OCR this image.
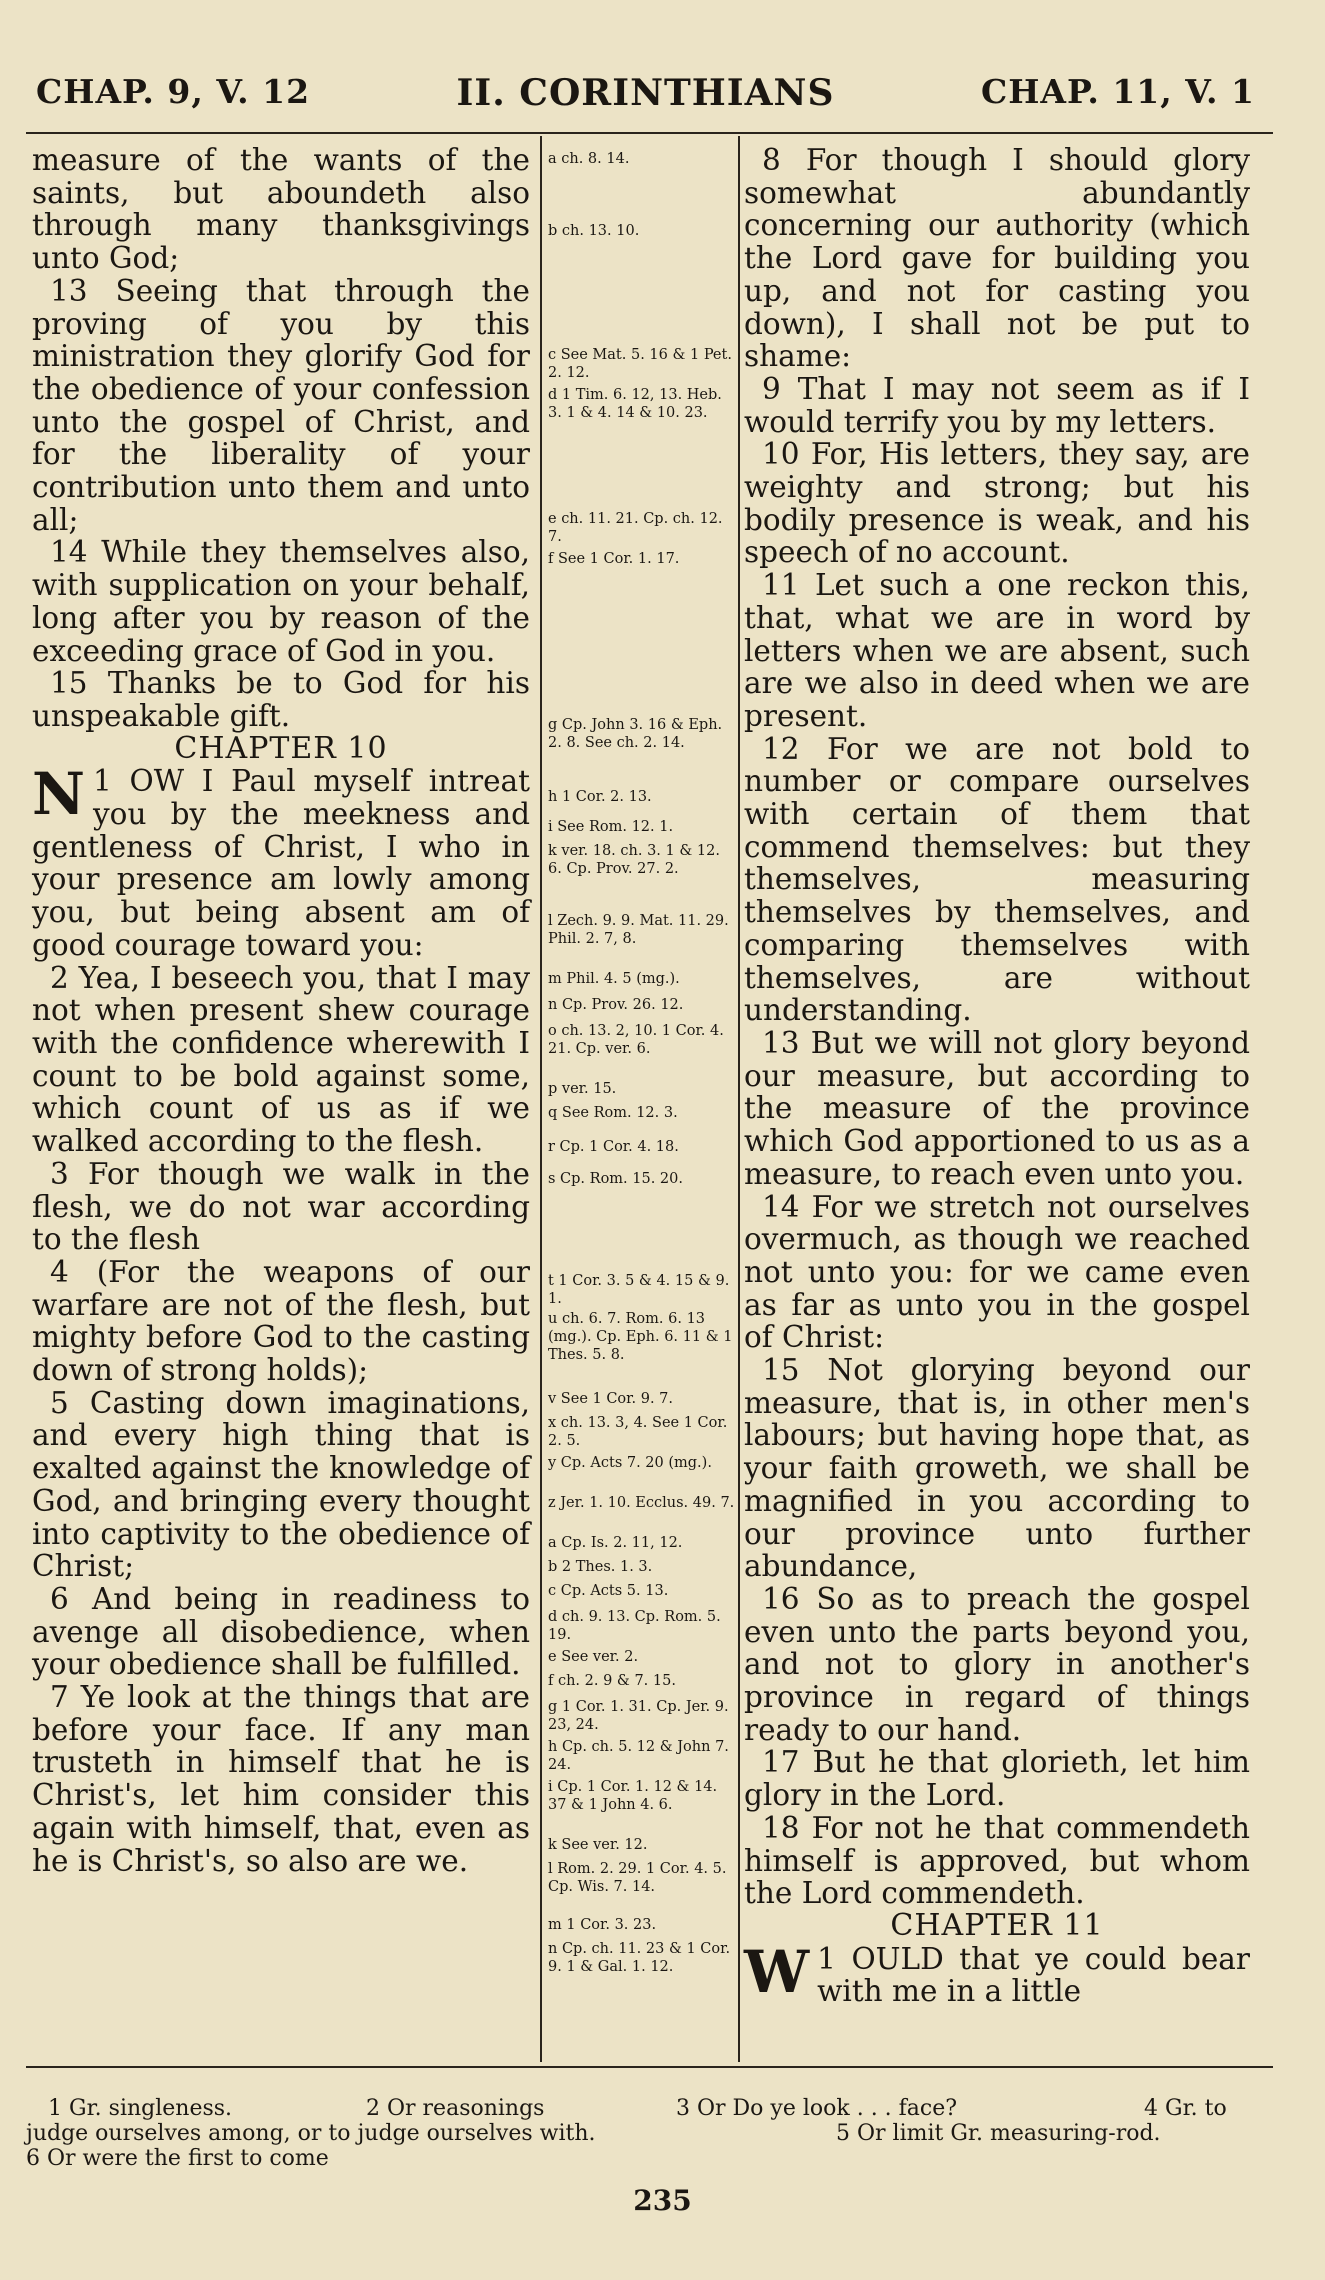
CHAP. 9, V. 12	II. CORINTHIANS	CHAP. 11, V. 1

measure of the wants of the saints, but aboundeth also through many thanksgivings unto God;

13 Seeing that through the proving of you by this ministration they glorify God for the obedience of your confession unto the gospel of Christ, and for the liberality of your contribution unto them and unto all;

14 While they themselves also, with supplication on your behalf, long after you by reason of the exceeding grace of God in you.

15 Thanks be to God for his unspeakable gift.

CHAPTER 10

1
N OW I Paul myself intreat you by the meekness and gentleness of Christ, I who in your presence am lowly among you, but being absent am of good courage toward you:

2 Yea, I beseech you, that I may not when present shew courage with the confidence wherewith I count to be bold against some, which count of us as if we walked according to the flesh.

3 For though we walk in the flesh, we do not war according to the flesh

4 (For the weapons of our warfare are not of the flesh, but mighty before God to the casting down of strong holds);

5 Casting down imaginations, and every high thing that is exalted against the knowledge of God, and bringing every thought into captivity to the obedience of Christ;

6 And being in readiness to avenge all disobedience, when your obedience shall be fulfilled.

7 Ye look at the things that are before your face. If any man trusteth in himself that he is Christ's, let him consider this again with himself, that, even as he is Christ's, so also are we.

a ch. 8. 14.
b ch. 13. 10.
c See Mat. 5. 16 & 1 Pet. 2. 12.
d 1 Tim. 6. 12, 13. Heb. 3. 1 & 4. 14 & 10. 23.
e ch. 11. 21. Cp. ch. 12. 7.
f See 1 Cor. 1. 17.
g Cp. John 3. 16 & Eph. 2. 8. See ch. 2. 14.
h 1 Cor. 2. 13.
i See Rom. 12. 1.
k ver. 18. ch. 3. 1 & 12. 6. Cp. Prov. 27. 2.
l Zech. 9. 9. Mat. 11. 29. Phil. 2. 7, 8.
m Phil. 4. 5 (mg.).
n Cp. Prov. 26. 12.
o ch. 13. 2, 10. 1 Cor. 4. 21. Cp. ver. 6.
p ver. 15.
q See Rom. 12. 3.
r Cp. 1 Cor. 4. 18.
s Cp. Rom. 15. 20.
t 1 Cor. 3. 5 & 4. 15 & 9. 1.
u ch. 6. 7. Rom. 6. 13 (mg.). Cp. Eph. 6. 11 & 1 Thes. 5. 8.
v See 1 Cor. 9. 7.
x ch. 13. 3, 4. See 1 Cor. 2. 5.
y Cp. Acts 7. 20 (mg.).
z Jer. 1. 10. Ecclus. 49. 7.
a Cp. Is. 2. 11, 12.
b 2 Thes. 1. 3.
c Cp. Acts 5. 13.
d ch. 9. 13. Cp. Rom. 5. 19.
e See ver. 2.
f ch. 2. 9 & 7. 15.
g 1 Cor. 1. 31. Cp. Jer. 9. 23, 24.
h Cp. ch. 5. 12 & John 7. 24.
i Cp. 1 Cor. 1. 12 & 14. 37 & 1 John 4. 6.
k See ver. 12.
l Rom. 2. 29. 1 Cor. 4. 5. Cp. Wis. 7. 14.
m 1 Cor. 3. 23.
n Cp. ch. 11. 23 & 1 Cor. 9. 1 & Gal. 1. 12.

8 For though I should glory somewhat abundantly concerning our authority (which the Lord gave for building you up, and not for casting you down), I shall not be put to shame:

9 That I may not seem as if I would terrify you by my letters.

10 For, His letters, they say, are weighty and strong; but his bodily presence is weak, and his speech of no account.

11 Let such a one reckon this, that, what we are in word by letters when we are absent, such are we also in deed when we are present.

12 For we are not bold to number or compare ourselves with certain of them that commend themselves: but they themselves, measuring themselves by themselves, and comparing themselves with themselves, are without understanding.

13 But we will not glory beyond our measure, but according to the measure of the province which God apportioned to us as a measure, to reach even unto you.

14 For we stretch not ourselves overmuch, as though we reached not unto you: for we came even as far as unto you in the gospel of Christ:

15 Not glorying beyond our measure, that is, in other men's labours; but having hope that, as your faith groweth, we shall be magnified in you according to our province unto further abundance,

16 So as to preach the gospel even unto the parts beyond you, and not to glory in another's province in regard of things ready to our hand.

17 But he that glorieth, let him glory in the Lord.

18 For not he that commendeth himself is approved, but whom the Lord commendeth.

CHAPTER 11

1
W OULD that ye could bear with me in a little

1 Gr. singleness.	2 Or reasonings	3 Or Do ye look . . . face?	4 Gr. to
judge ourselves among, or to judge ourselves with.	5 Or limit Gr. measuring-rod.
6 Or were the first to come
235
